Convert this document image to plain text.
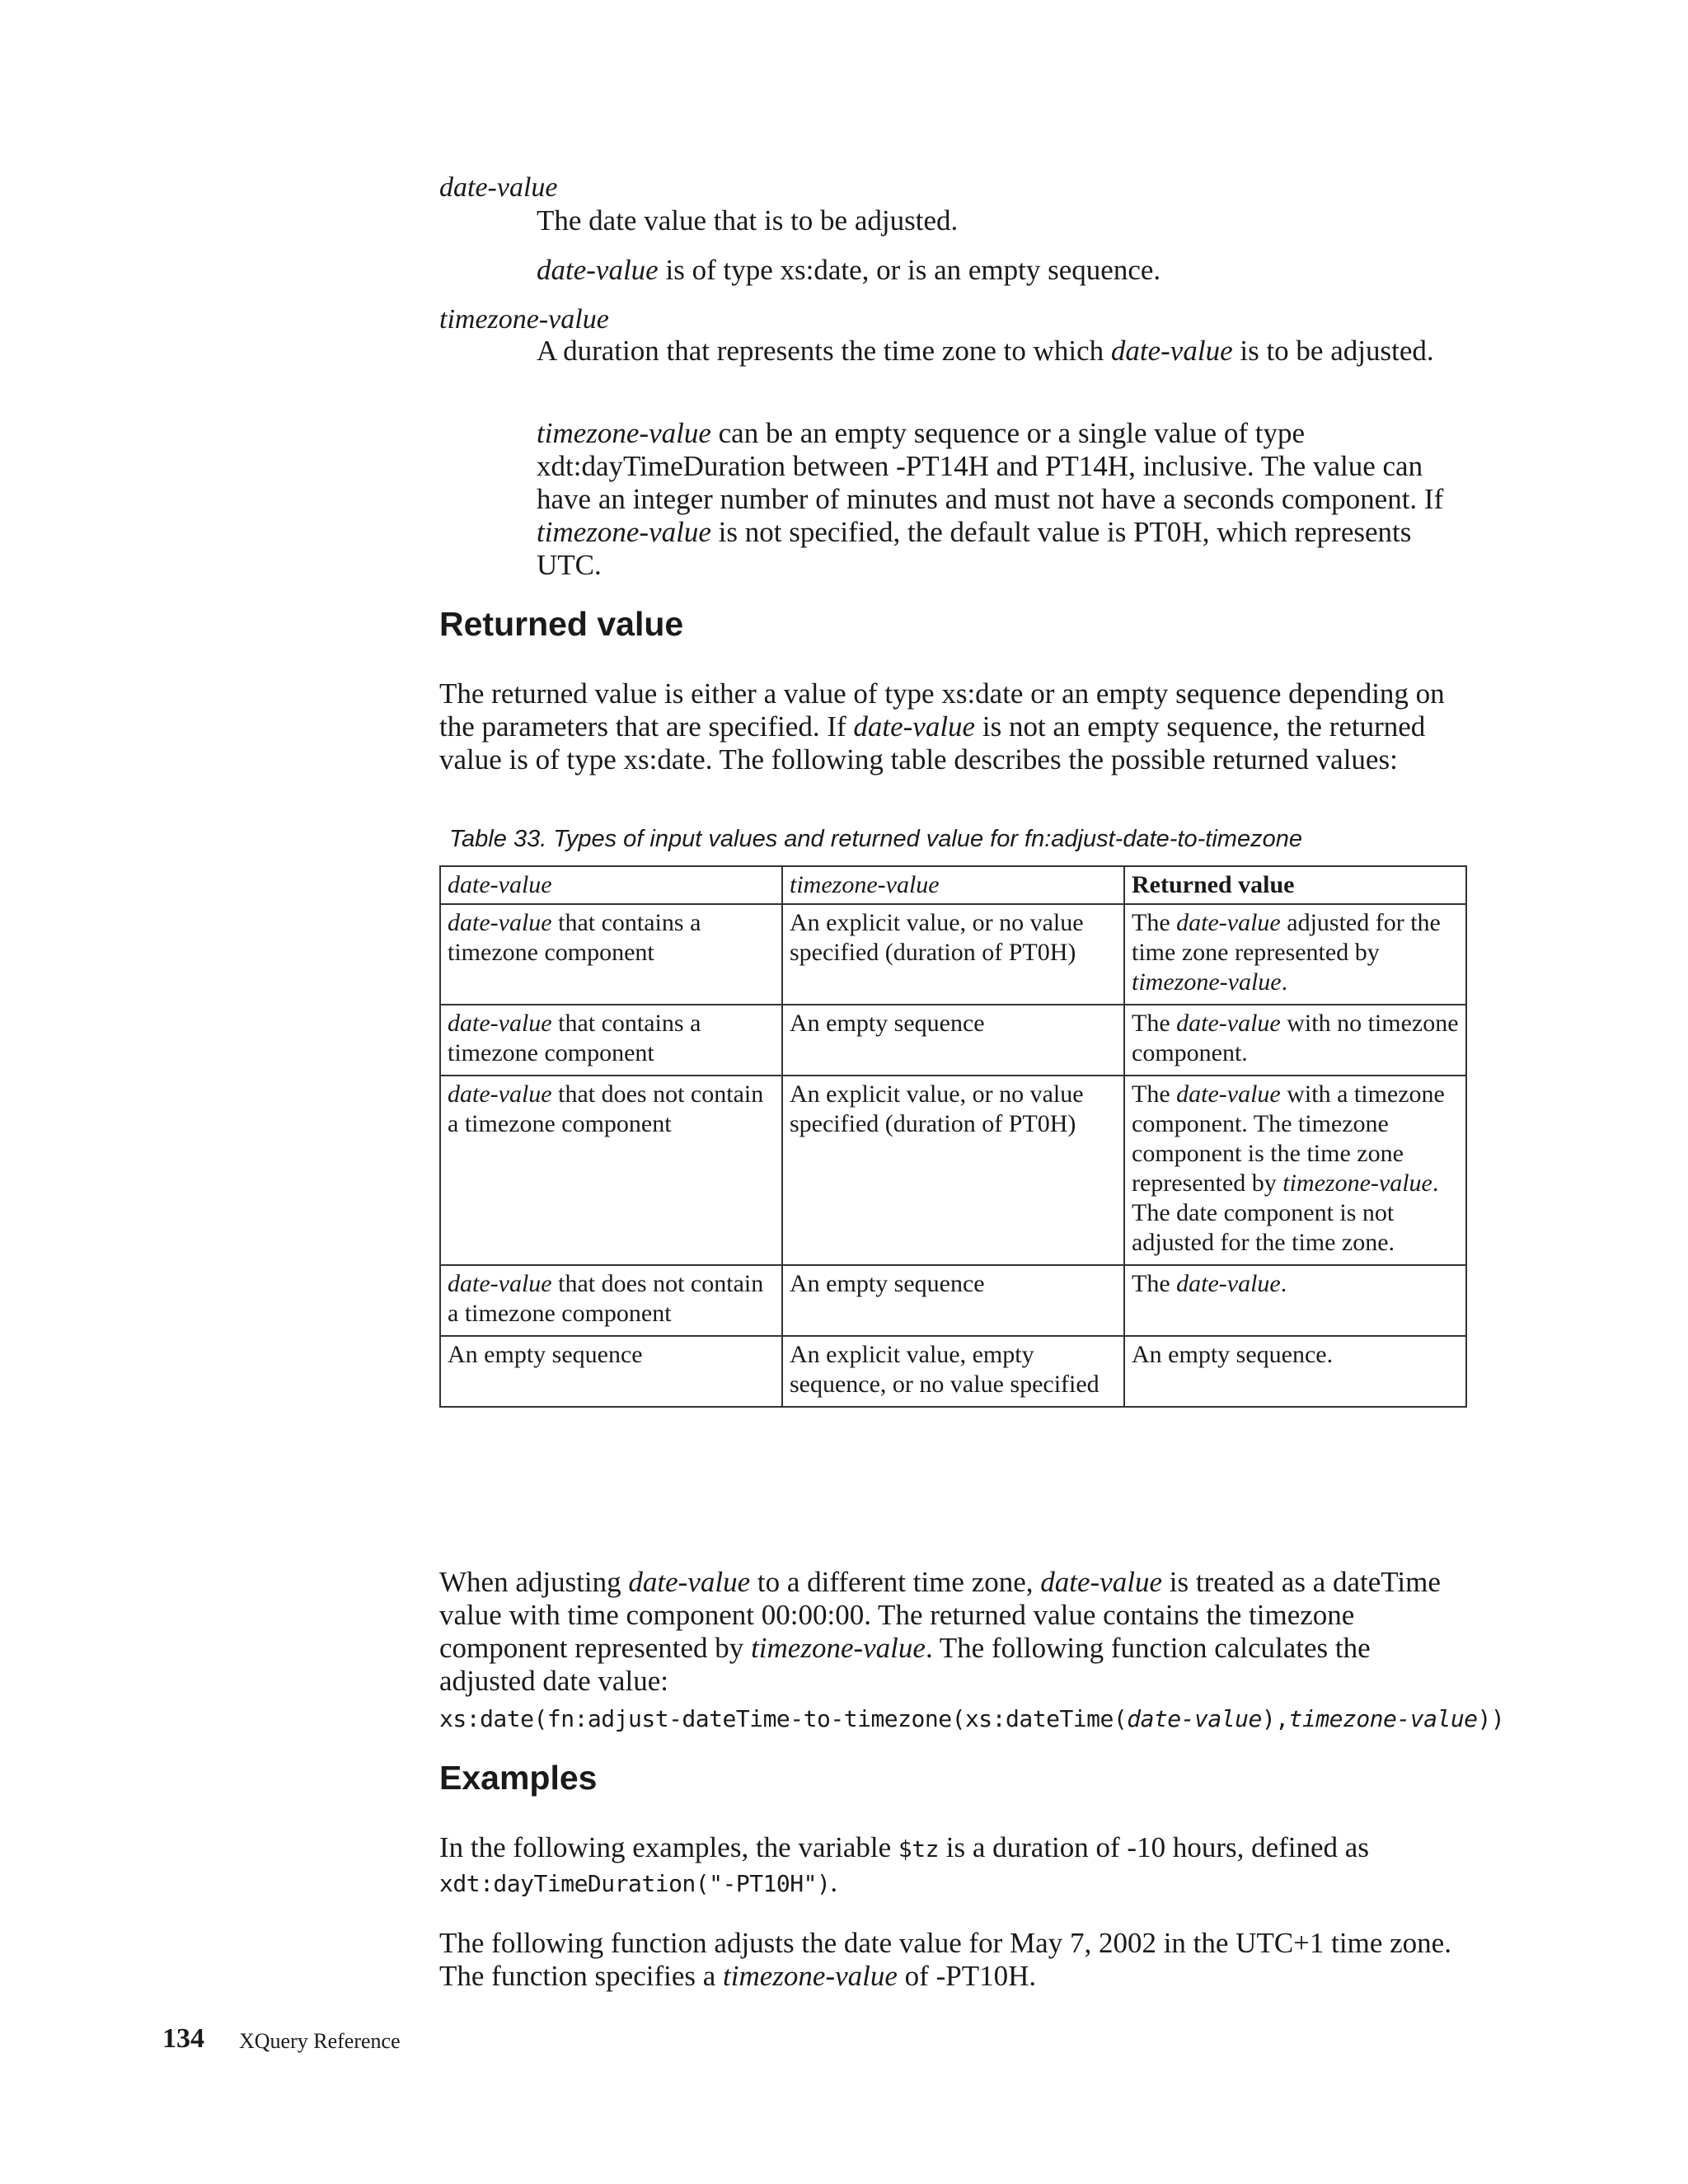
date-value
The date value that is to be adjusted.
date-value is of type xs:date, or is an empty sequence.
timezone-value
A duration that represents the time zone to which date-value is to be adjusted.
timezone-value can be an empty sequence or a single value of type xdt:dayTimeDuration between -PT14H and PT14H, inclusive. The value can have an integer number of minutes and must not have a seconds component. If timezone-value is not specified, the default value is PT0H, which represents UTC.
Returned value
The returned value is either a value of type xs:date or an empty sequence depending on the parameters that are specified. If date-value is not an empty sequence, the returned value is of type xs:date. The following table describes the possible returned values:
Table 33. Types of input values and returned value for fn:adjust-date-to-timezone
date-value	timezone-value	Returned value
date-value that contains a timezone component	An explicit value, or no value specified (duration of PT0H)	The date-value adjusted for the time zone represented by timezone-value.
date-value that contains a timezone component	An empty sequence	The date-value with no timezone component.
date-value that does not contain a timezone component	An explicit value, or no value specified (duration of PT0H)	The date-value with a timezone component. The timezone component is the time zone represented by timezone-value. The date component is not adjusted for the time zone.
date-value that does not contain a timezone component	An empty sequence	The date-value.
An empty sequence	An explicit value, empty sequence, or no value specified	An empty sequence.
When adjusting date-value to a different time zone, date-value is treated as a dateTime value with time component 00:00:00. The returned value contains the timezone component represented by timezone-value. The following function calculates the adjusted date value:
xs:date(fn:adjust-dateTime-to-timezone(xs:dateTime(date-value),timezone-value))
Examples
In the following examples, the variable $tz is a duration of -10 hours, defined as
xdt:dayTimeDuration("-PT10H").
The following function adjusts the date value for May 7, 2002 in the UTC+1 time zone. The function specifies a timezone-value of -PT10H.
134 XQuery Reference
